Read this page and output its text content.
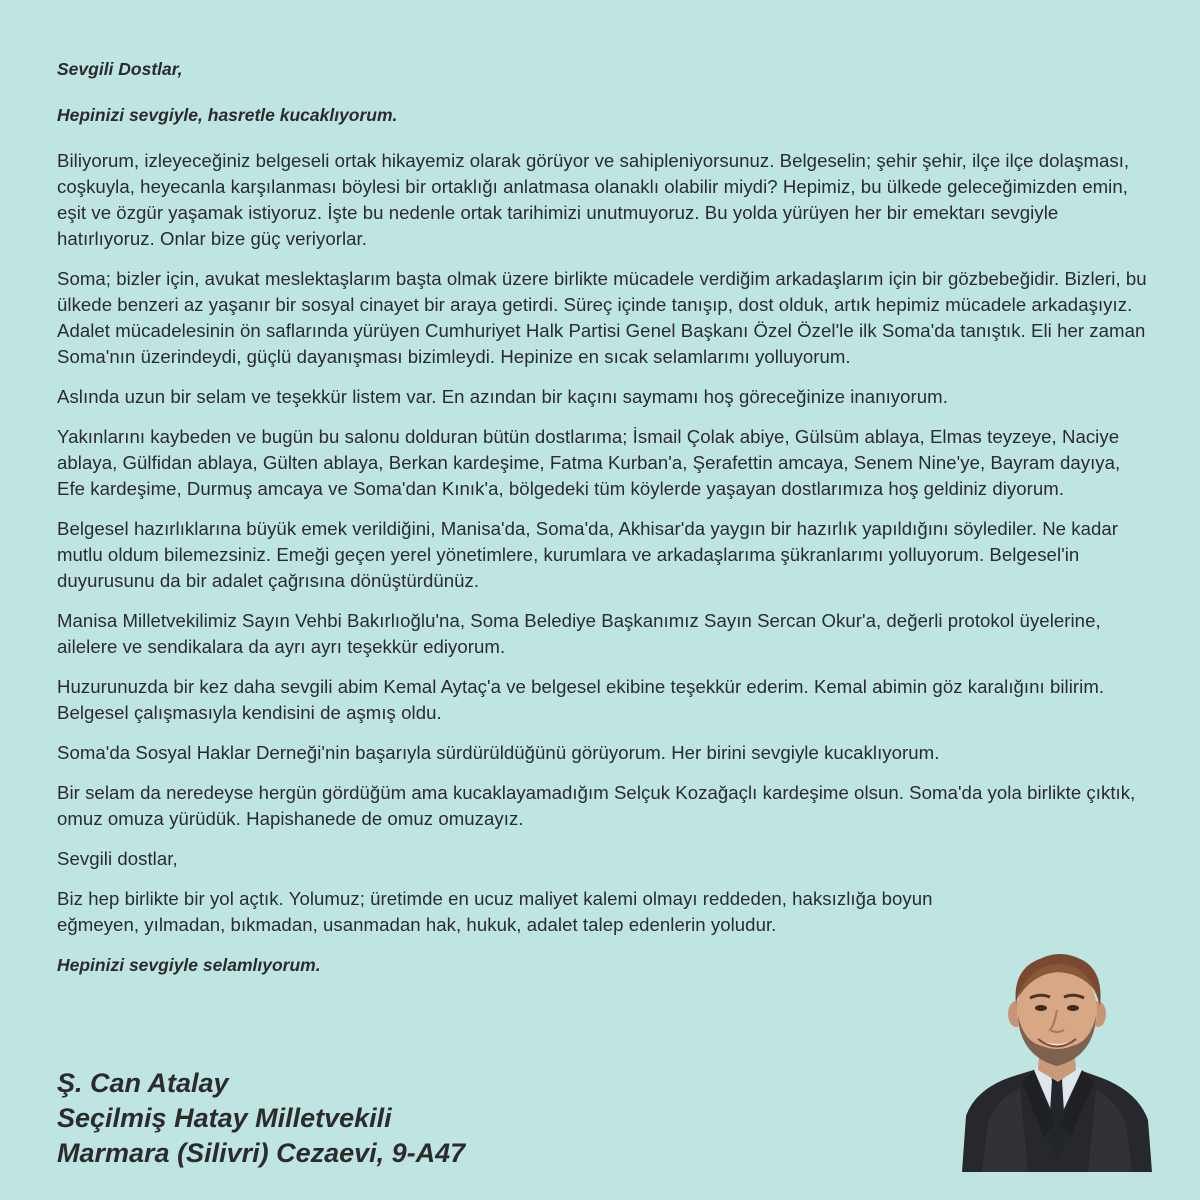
Sevgili Dostlar,

Hepinizi sevgiyle, hasretle kucaklıyorum.

Biliyorum, izleyeceğiniz belgeseli ortak hikayemiz olarak görüyor ve sahipleniyorsunuz. Belgeselin; şehir şehir, ilçe ilçe dolaşması, coşkuyla, heyecanla karşılanması böylesi bir ortaklığı anlatmasa olanaklı olabilir miydi? Hepimiz, bu ülkede geleceğimizden emin, eşit ve özgür yaşamak istiyoruz. İşte bu nedenle ortak tarihimizi unutmuyoruz. Bu yolda yürüyen her bir emektarı sevgiyle hatırlıyoruz. Onlar bize güç veriyorlar.

Soma; bizler için, avukat meslektaşlarım başta olmak üzere birlikte mücadele verdiğim arkadaşlarım için bir gözbebeğidir. Bizleri, bu ülkede benzeri az yaşanır bir sosyal cinayet bir araya getirdi. Süreç içinde tanışıp, dost olduk, artık hepimiz mücadele arkadaşıyız. Adalet mücadelesinin ön saflarında yürüyen Cumhuriyet Halk Partisi Genel Başkanı Özel Özel'le ilk Soma'da tanıştık. Eli her zaman Soma'nın üzerindeydi, güçlü dayanışması bizimleydi. Hepinize en sıcak selamlarımı yolluyorum.

Aslında uzun bir selam ve teşekkür listem var. En azından bir kaçını saymamı hoş göreceğinize inanıyorum.

Yakınlarını kaybeden ve bugün bu salonu dolduran bütün dostlarıma; İsmail Çolak abiye, Gülsüm ablaya, Elmas teyzeye, Naciye ablaya, Gülfidan ablaya, Gülten ablaya, Berkan kardeşime, Fatma Kurban'a, Şerafettin amcaya, Senem Nine'ye, Bayram dayıya, Efe kardeşime, Durmuş amcaya ve Soma'dan Kınık'a, bölgedeki tüm köylerde yaşayan dostlarımıza hoş geldiniz diyorum.

Belgesel hazırlıklarına büyük emek verildiğini, Manisa'da, Soma'da, Akhisar'da yaygın bir hazırlık yapıldığını söylediler. Ne kadar mutlu oldum bilemezsiniz. Emeği geçen yerel yönetimlere, kurumlara ve arkadaşlarıma şükranlarımı yolluyorum. Belgesel'in duyurusunu da bir adalet çağrısına dönüştürdünüz.

Manisa Milletvekilimiz Sayın Vehbi Bakırlıoğlu'na, Soma Belediye Başkanımız Sayın Sercan Okur'a, değerli protokol üyelerine, ailelere ve sendikalara da ayrı ayrı teşekkür ediyorum.

Huzurunuzda bir kez daha sevgili abim Kemal Aytaç'a ve belgesel ekibine teşekkür ederim. Kemal abimin göz karalığını bilirim. Belgesel çalışmasıyla kendisini de aşmış oldu.

Soma'da Sosyal Haklar Derneği'nin başarıyla sürdürüldüğünü görüyorum. Her birini sevgiyle kucaklıyorum.

Bir selam da neredeyse hergün gördüğüm ama kucaklayamadığım Selçuk Kozağaçlı kardeşime olsun. Soma'da yola birlikte çıktık, omuz omuza yürüdük. Hapishanede de omuz omuzayız.

Sevgili dostlar,

Biz hep birlikte bir yol açtık. Yolumuz; üretimde en ucuz maliyet kalemi olmayı reddeden, haksızlığa boyun eğmeyen, yılmadan, bıkmadan, usanmadan hak, hukuk, adalet talep edenlerin yoludur.

Hepinizi sevgiyle selamlıyorum.

Ş. Can Atalay
Seçilmiş Hatay Milletvekili
Marmara (Silivri) Cezaevi, 9-A47
